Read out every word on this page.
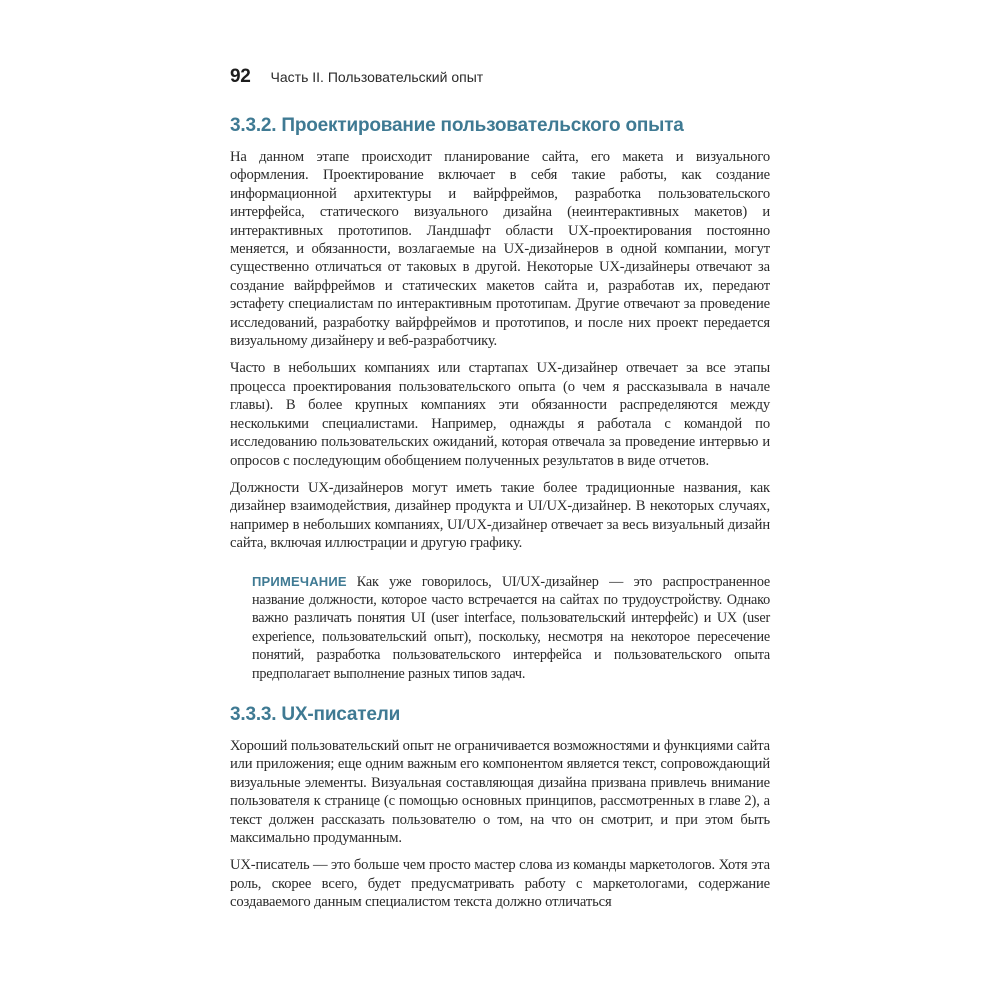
92 Часть II. Пользовательский опыт
3.3.2. Проектирование пользовательского опыта

На данном этапе происходит планирование сайта, его макета и визуального оформления. Проектирование включает в себя такие работы, как создание информационной архитектуры и вайрфреймов, разработка пользовательского интерфейса, статического визуального дизайна (неинтерактивных макетов) и интерактивных прототипов. Ландшафт области UX-проектирования постоянно меняется, и обязанности, возлагаемые на UX-дизайнеров в одной компании, могут существенно отличаться от таковых в другой. Некоторые UX-дизайнеры отвечают за создание вайрфреймов и статических макетов сайта и, разработав их, передают эстафету специалистам по интерактивным прототипам. Другие отвечают за проведение исследований, разработку вайрфреймов и прототипов, и после них проект передается визуальному дизайнеру и веб-разработчику.

Часто в небольших компаниях или стартапах UX-дизайнер отвечает за все этапы процесса проектирования пользовательского опыта (о чем я рассказывала в начале главы). В более крупных компаниях эти обязанности распределяются между несколькими специалистами. Например, однажды я работала с командой по исследованию пользовательских ожиданий, которая отвечала за проведение интервью и опросов с последующим обобщением полученных результатов в виде отчетов.

Должности UX-дизайнеров могут иметь такие более традиционные названия, как дизайнер взаимодействия, дизайнер продукта и UI/UX-дизайнер. В некоторых случаях, например в небольших компаниях, UI/UX-дизайнер отвечает за весь визуальный дизайн сайта, включая иллюстрации и другую графику.

ПРИМЕЧАНИЕ Как уже говорилось, UI/UX-дизайнер — это распространенное название должности, которое часто встречается на сайтах по трудоустройству. Однако важно различать понятия UI (user interface, пользовательский интерфейс) и UX (user experience, пользовательский опыт), поскольку, несмотря на некоторое пересечение понятий, разработка пользовательского интерфейса и пользовательского опыта предполагает выполнение разных типов задач.

3.3.3. UX-писатели

Хороший пользовательский опыт не ограничивается возможностями и функциями сайта или приложения; еще одним важным его компонентом является текст, сопровождающий визуальные элементы. Визуальная составляющая дизайна призвана привлечь внимание пользователя к странице (с помощью основных принципов, рассмотренных в главе 2), а текст должен рассказать пользователю о том, на что он смотрит, и при этом быть максимально продуманным.

UX-писатель — это больше чем просто мастер слова из команды маркетологов. Хотя эта роль, скорее всего, будет предусматривать работу с маркетологами, содержание создаваемого данным специалистом текста должно отличаться
